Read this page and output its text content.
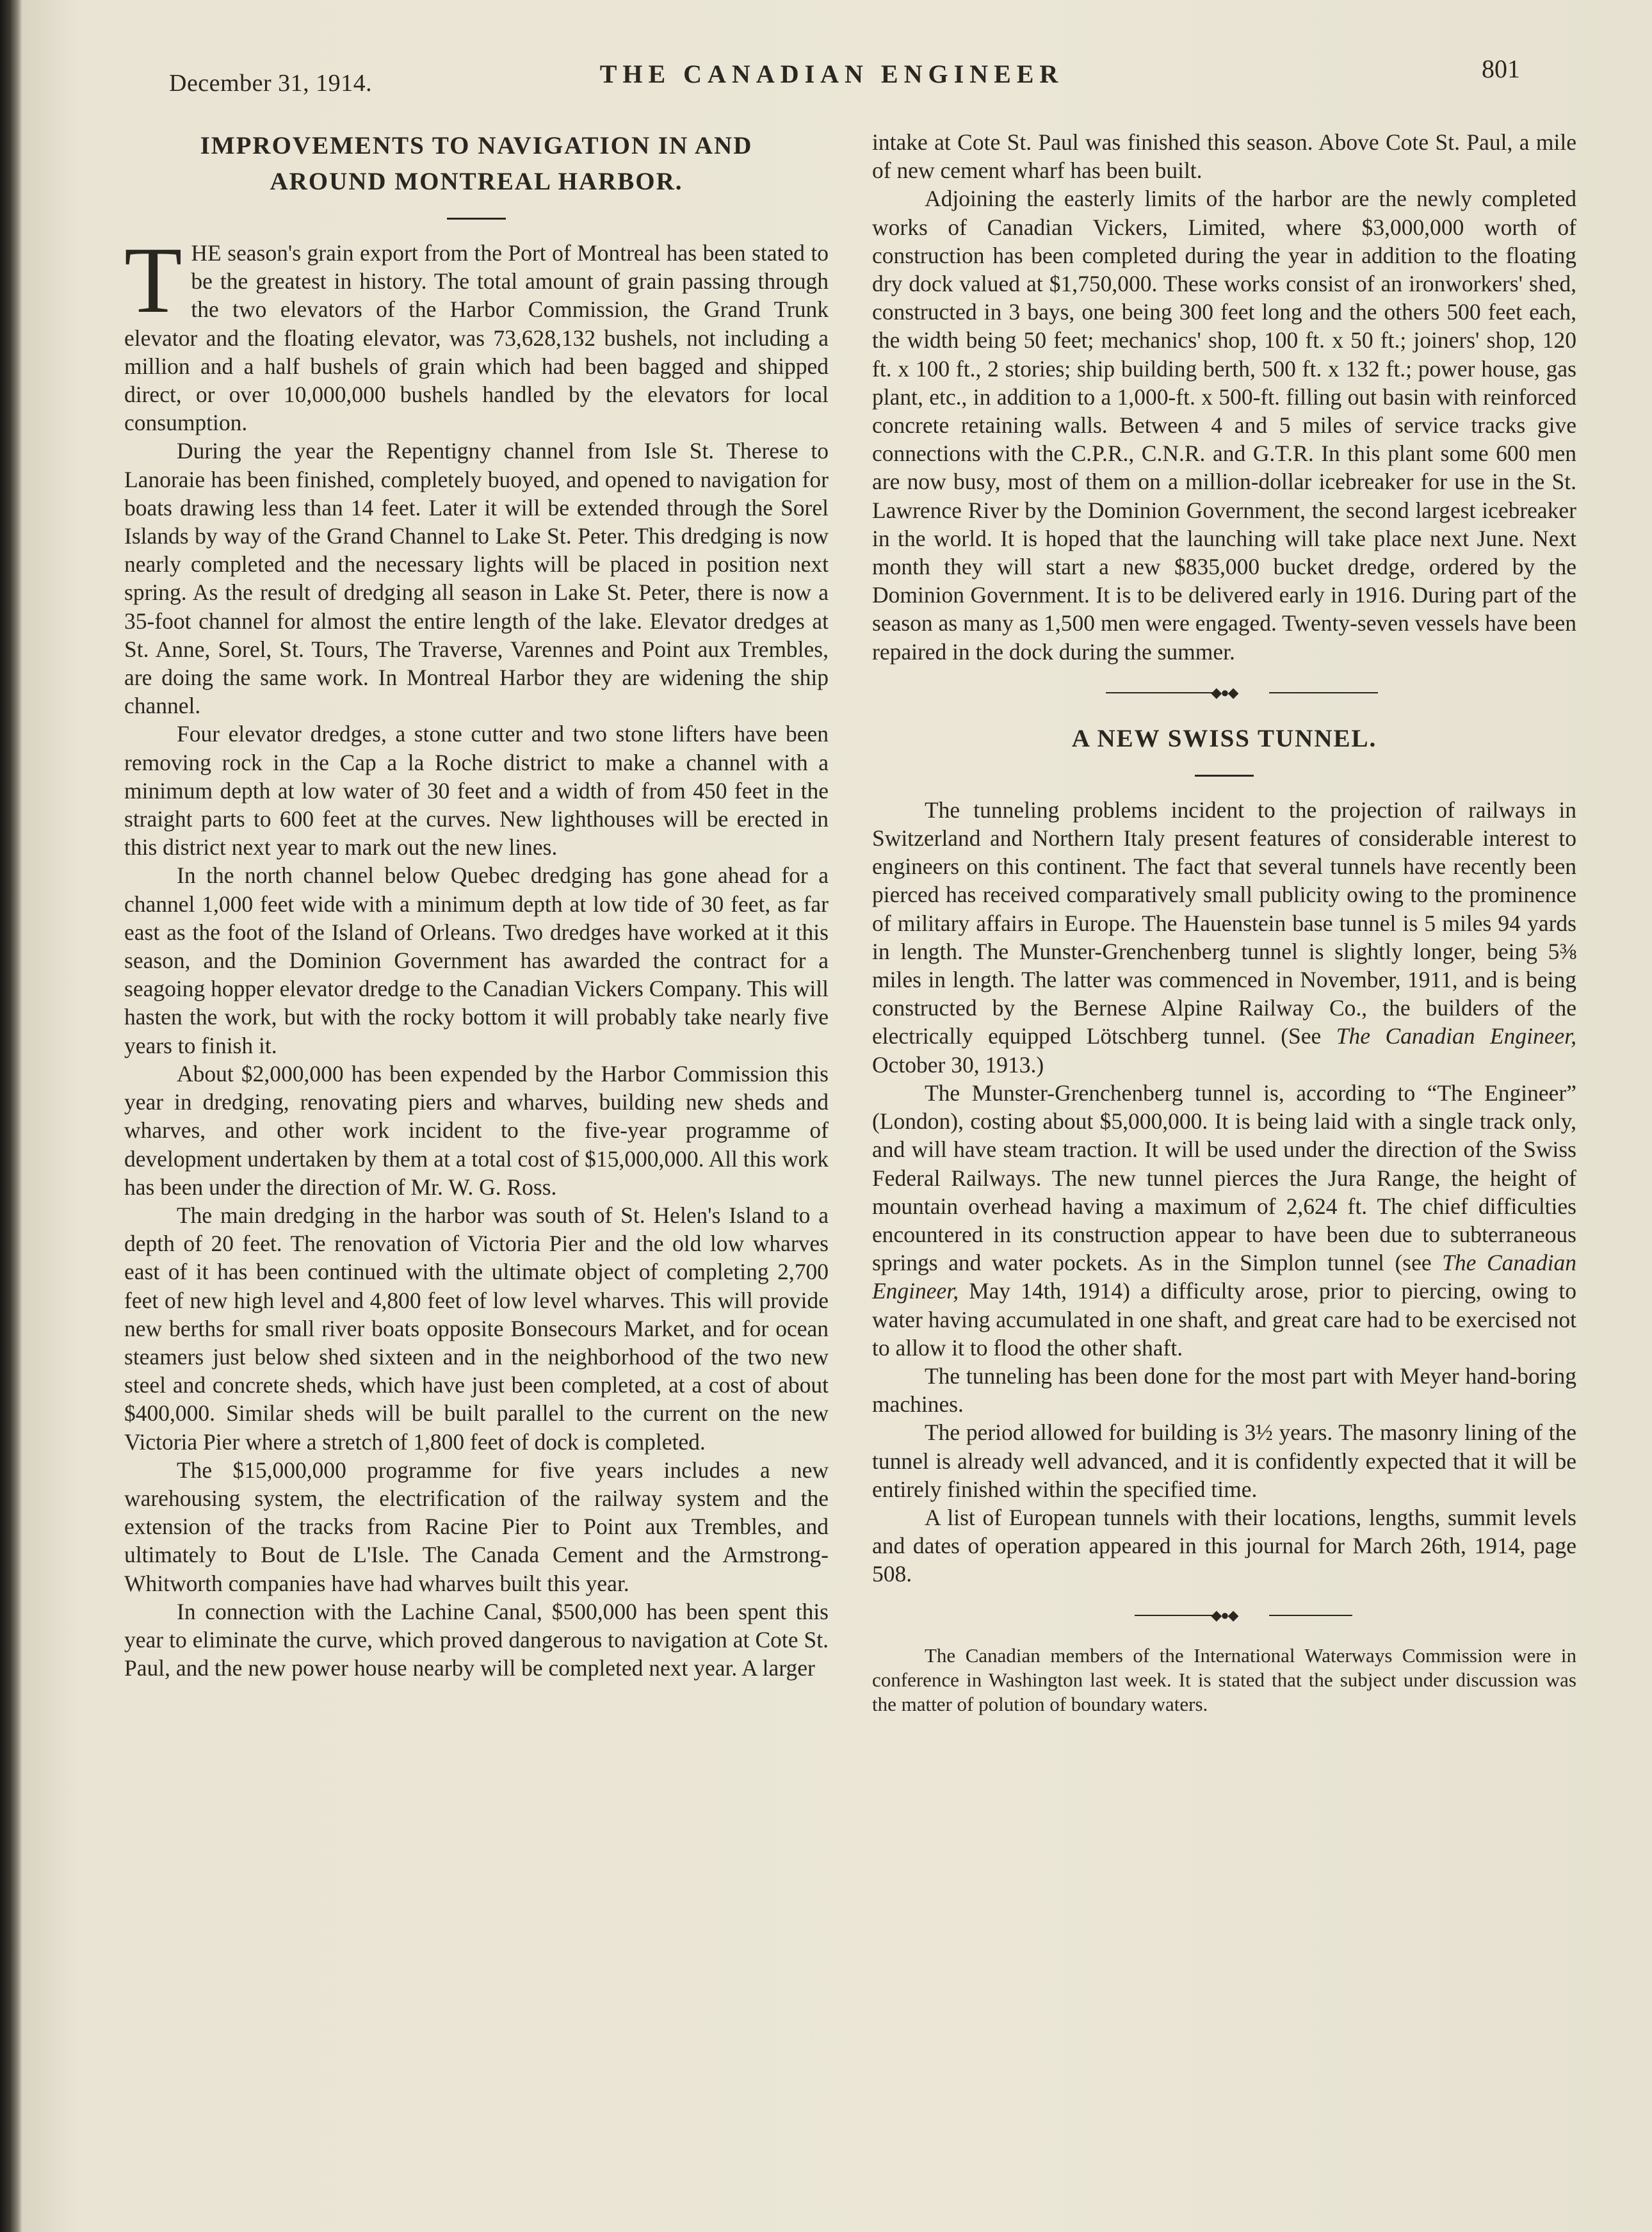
December 31, 1914.	THE CANADIAN ENGINEER	801
IMPROVEMENTS TO NAVIGATION IN AND
AROUND MONTREAL HARBOR.

THE season's grain export from the Port of Montreal has been stated to be the greatest in history. The total amount of grain passing through the two elevators of the Harbor Commission, the Grand Trunk elevator and the floating elevator, was 73,628,132 bushels, not including a million and a half bushels of grain which had been bagged and shipped direct, or over 10,000,000 bushels handled by the elevators for local consumption.

During the year the Repentigny channel from Isle St. Therese to Lanoraie has been finished, completely buoyed, and opened to navigation for boats drawing less than 14 feet. Later it will be extended through the Sorel Islands by way of the Grand Channel to Lake St. Peter. This dredging is now nearly completed and the necessary lights will be placed in position next spring. As the result of dredging all season in Lake St. Peter, there is now a 35-foot channel for almost the entire length of the lake. Elevator dredges at St. Anne, Sorel, St. Tours, The Traverse, Varennes and Point aux Trembles, are doing the same work. In Montreal Harbor they are widening the ship channel.

Four elevator dredges, a stone cutter and two stone lifters have been removing rock in the Cap a la Roche district to make a channel with a minimum depth at low water of 30 feet and a width of from 450 feet in the straight parts to 600 feet at the curves. New lighthouses will be erected in this district next year to mark out the new lines.

In the north channel below Quebec dredging has gone ahead for a channel 1,000 feet wide with a minimum depth at low tide of 30 feet, as far east as the foot of the Island of Orleans. Two dredges have worked at it this season, and the Dominion Government has awarded the contract for a seagoing hopper elevator dredge to the Canadian Vickers Company. This will hasten the work, but with the rocky bottom it will probably take nearly five years to finish it.

About $2,000,000 has been expended by the Harbor Commission this year in dredging, renovating piers and wharves, building new sheds and wharves, and other work incident to the five-year programme of development undertaken by them at a total cost of $15,000,000. All this work has been under the direction of Mr. W. G. Ross.

The main dredging in the harbor was south of St. Helen's Island to a depth of 20 feet. The renovation of Victoria Pier and the old low wharves east of it has been continued with the ultimate object of completing 2,700 feet of new high level and 4,800 feet of low level wharves. This will provide new berths for small river boats opposite Bonsecours Market, and for ocean steamers just below shed sixteen and in the neighborhood of the two new steel and concrete sheds, which have just been completed, at a cost of about $400,000. Similar sheds will be built parallel to the current on the new Victoria Pier where a stretch of 1,800 feet of dock is completed.

The $15,000,000 programme for five years includes a new warehousing system, the electrification of the railway system and the extension of the tracks from Racine Pier to Point aux Trembles, and ultimately to Bout de L'Isle. The Canada Cement and the Armstrong-Whitworth companies have had wharves built this year.

In connection with the Lachine Canal, $500,000 has been spent this year to eliminate the curve, which proved dangerous to navigation at Cote St. Paul, and the new power house nearby will be completed next year. A larger

intake at Cote St. Paul was finished this season. Above Cote St. Paul, a mile of new cement wharf has been built.

Adjoining the easterly limits of the harbor are the newly completed works of Canadian Vickers, Limited, where $3,000,000 worth of construction has been completed during the year in addition to the floating dry dock valued at $1,750,000. These works consist of an ironworkers' shed, constructed in 3 bays, one being 300 feet long and the others 500 feet each, the width being 50 feet; mechanics' shop, 100 ft. x 50 ft.; joiners' shop, 120 ft. x 100 ft., 2 stories; ship building berth, 500 ft. x 132 ft.; power house, gas plant, etc., in addition to a 1,000-ft. x 500-ft. filling out basin with reinforced concrete retaining walls. Between 4 and 5 miles of service tracks give connections with the C.P.R., C.N.R. and G.T.R. In this plant some 600 men are now busy, most of them on a million-dollar icebreaker for use in the St. Lawrence River by the Dominion Government, the second largest icebreaker in the world. It is hoped that the launching will take place next June. Next month they will start a new $835,000 bucket dredge, ordered by the Dominion Government. It is to be delivered early in 1916. During part of the season as many as 1,500 men were engaged. Twenty-seven vessels have been repaired in the dock during the summer.

◆●◆
A NEW SWISS TUNNEL.

The tunneling problems incident to the projection of railways in Switzerland and Northern Italy present features of considerable interest to engineers on this continent. The fact that several tunnels have recently been pierced has received comparatively small publicity owing to the prominence of military affairs in Europe. The Hauenstein base tunnel is 5 miles 94 yards in length. The Munster-Grenchenberg tunnel is slightly longer, being 5⅜ miles in length. The latter was commenced in November, 1911, and is being constructed by the Bernese Alpine Railway Co., the builders of the electrically equipped Lötschberg tunnel. (See The Canadian Engineer, October 30, 1913.)

The Munster-Grenchenberg tunnel is, according to “The Engineer” (London), costing about $5,000,000. It is being laid with a single track only, and will have steam traction. It will be used under the direction of the Swiss Federal Railways. The new tunnel pierces the Jura Range, the height of mountain overhead having a maximum of 2,624 ft. The chief difficulties encountered in its construction appear to have been due to subterraneous springs and water pockets. As in the Simplon tunnel (see The Canadian Engineer, May 14th, 1914) a difficulty arose, prior to piercing, owing to water having accumulated in one shaft, and great care had to be exercised not to allow it to flood the other shaft.

The tunneling has been done for the most part with Meyer hand-boring machines.

The period allowed for building is 3½ years. The masonry lining of the tunnel is already well advanced, and it is confidently expected that it will be entirely finished within the specified time.

A list of European tunnels with their locations, lengths, summit levels and dates of operation appeared in this journal for March 26th, 1914, page 508.

◆●◆

The Canadian members of the International Waterways Commission were in conference in Washington last week. It is stated that the subject under discussion was the matter of polution of boundary waters.
